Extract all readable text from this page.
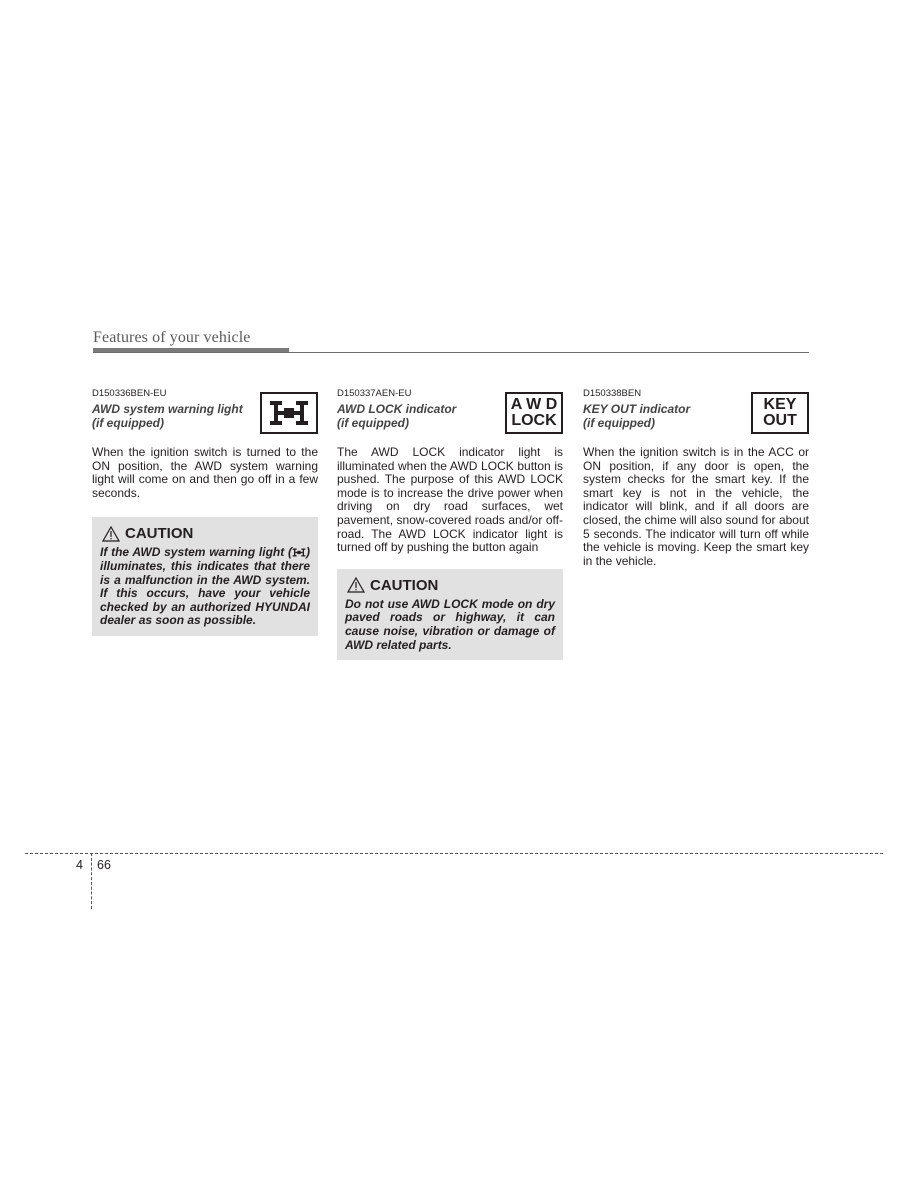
Features of your vehicle
D150336BEN-EU
AWD system warning light
(if equipped)

When the ignition switch is turned to the ON position, the AWD system warning light will come on and then go off in a few seconds.

CAUTION

If the AWD system warning light ( ) illuminates, this indicates that there is a malfunction in the AWD system. If this occurs, have your vehicle checked by an authorized HYUNDAI dealer as soon as possible.

D150337AEN-EU
AWD LOCK indicator
(if equipped)
A W D
LOCK

The AWD LOCK indicator light is illuminated when the AWD LOCK button is pushed. The purpose of this AWD LOCK mode is to increase the drive power when driving on dry road surfaces, wet pavement, snow-covered roads and/or off-road. The AWD LOCK indicator light is turned off by pushing the button again

CAUTION

Do not use AWD LOCK mode on dry paved roads or highway, it can cause noise, vibration or damage of AWD related parts.

D150338BEN
KEY OUT indicator
(if equipped)
KEY
OUT

When the ignition switch is in the ACC or ON position, if any door is open, the system checks for the smart key. If the smart key is not in the vehicle, the indicator will blink, and if all doors are closed, the chime will also sound for about 5 seconds. The indicator will turn off while the vehicle is moving. Keep the smart key in the vehicle.

4 66
